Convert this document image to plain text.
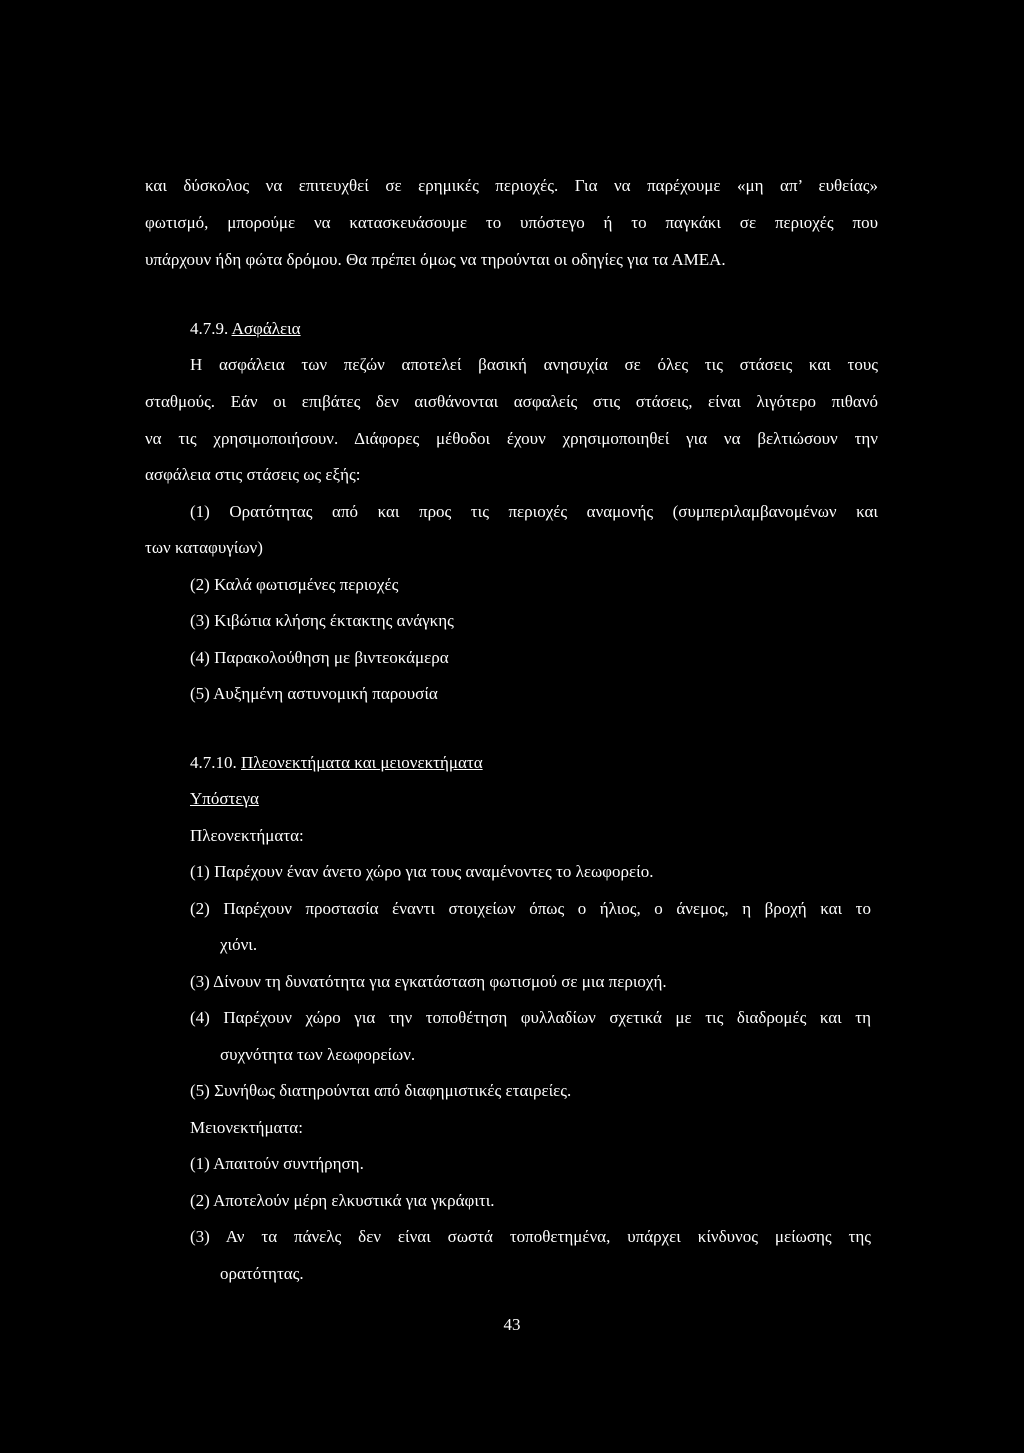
και δύσκολος να επιτευχθεί σε ερημικές περιοχές. Για να παρέχουμε «μη απ’ ευθείας»
φωτισμό, μπορούμε να κατασκευάσουμε το υπόστεγο ή το παγκάκι σε περιοχές που
υπάρχουν ήδη φώτα δρόμου. Θα πρέπει όμως να τηρούνται οι οδηγίες για τα ΑΜΕΑ.
4.7.9. Ασφάλεια
Η ασφάλεια των πεζών αποτελεί βασική ανησυχία σε όλες τις στάσεις και τους
σταθμούς. Εάν οι επιβάτες δεν αισθάνονται ασφαλείς στις στάσεις, είναι λιγότερο πιθανό
να τις χρησιμοποιήσουν. Διάφορες μέθοδοι έχουν χρησιμοποιηθεί για να βελτιώσουν την
ασφάλεια στις στάσεις ως εξής:
(1) Ορατότητας από και προς τις περιοχές αναμονής (συμπεριλαμβανομένων και
των καταφυγίων)
(2) Καλά φωτισμένες περιοχές
(3) Κιβώτια κλήσης έκτακτης ανάγκης
(4) Παρακολούθηση με βιντεοκάμερα
(5) Αυξημένη αστυνομική παρουσία
4.7.10. Πλεονεκτήματα και μειονεκτήματα
Υπόστεγα
Πλεονεκτήματα:
(1) Παρέχουν έναν άνετο χώρο για τους αναμένοντες το λεωφορείο.
(2) Παρέχουν προστασία έναντι στοιχείων όπως ο ήλιος, ο άνεμος, η βροχή και το
χιόνι.
(3) Δίνουν τη δυνατότητα για εγκατάσταση φωτισμού σε μια περιοχή.
(4) Παρέχουν χώρο για την τοποθέτηση φυλλαδίων σχετικά με τις διαδρομές και τη
συχνότητα των λεωφορείων.
(5) Συνήθως διατηρούνται από διαφημιστικές εταιρείες.
Μειονεκτήματα:
(1) Απαιτούν συντήρηση.
(2) Αποτελούν μέρη ελκυστικά για γκράφιτι.
(3) Αν τα πάνελς δεν είναι σωστά τοποθετημένα, υπάρχει κίνδυνος μείωσης της
ορατότητας.
43
